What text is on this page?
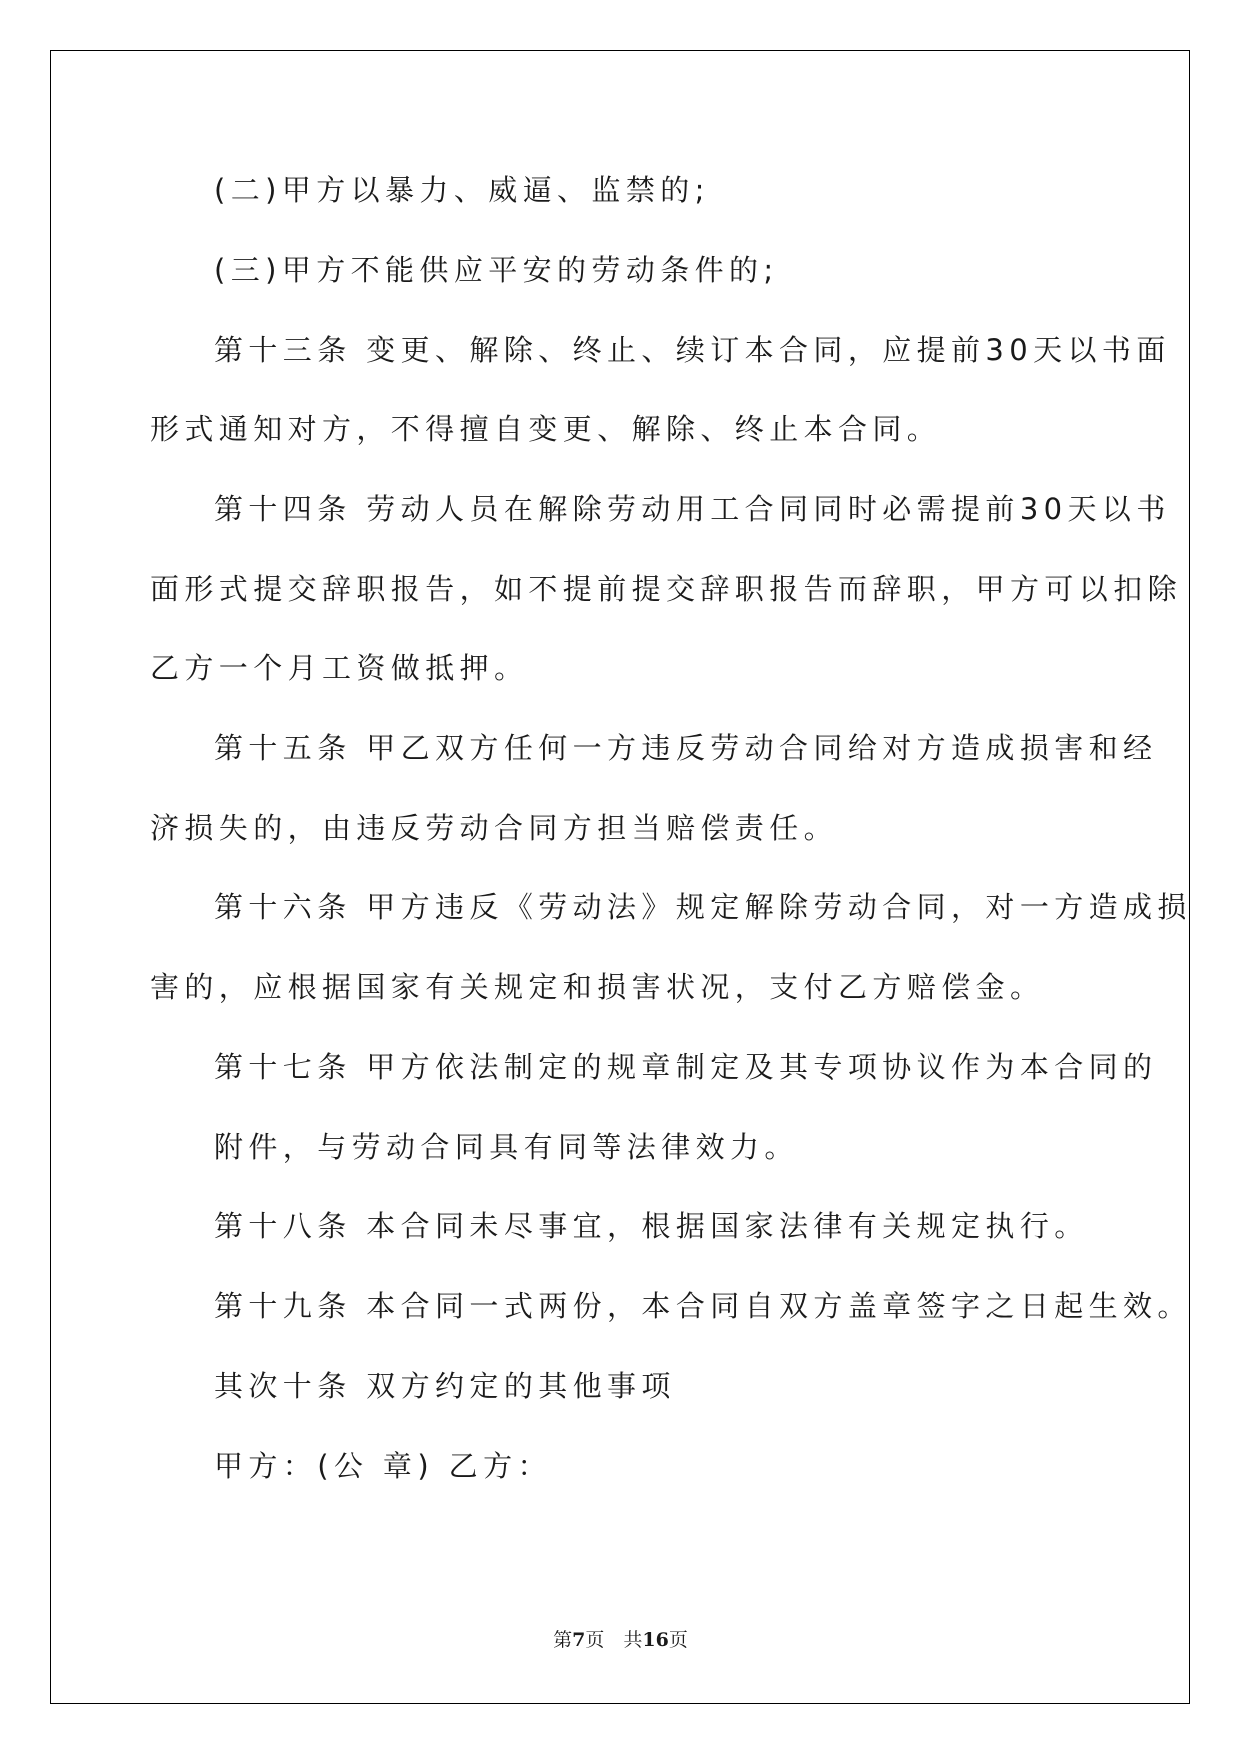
(二)甲方以暴力、威逼、监禁的;

(三)甲方不能供应平安的劳动条件的;

第十三条 变更、解除、终止、续订本合同，应提前30天以书面

形式通知对方，不得擅自变更、解除、终止本合同。

第十四条 劳动人员在解除劳动用工合同同时必需提前30天以书

面形式提交辞职报告，如不提前提交辞职报告而辞职，甲方可以扣除

乙方一个月工资做抵押。

第十五条 甲乙双方任何一方违反劳动合同给对方造成损害和经

济损失的，由违反劳动合同方担当赔偿责任。

第十六条 甲方违反《劳动法》规定解除劳动合同，对一方造成损

害的，应根据国家有关规定和损害状况，支付乙方赔偿金。

第十七条 甲方依法制定的规章制定及其专项协议作为本合同的

附件，与劳动合同具有同等法律效力。

第十八条 本合同未尽事宜，根据国家法律有关规定执行。

第十九条 本合同一式两份，本合同自双方盖章签字之日起生效。

其次十条 双方约定的其他事项

甲方：(公 章) 乙方：

第7页　共16页
